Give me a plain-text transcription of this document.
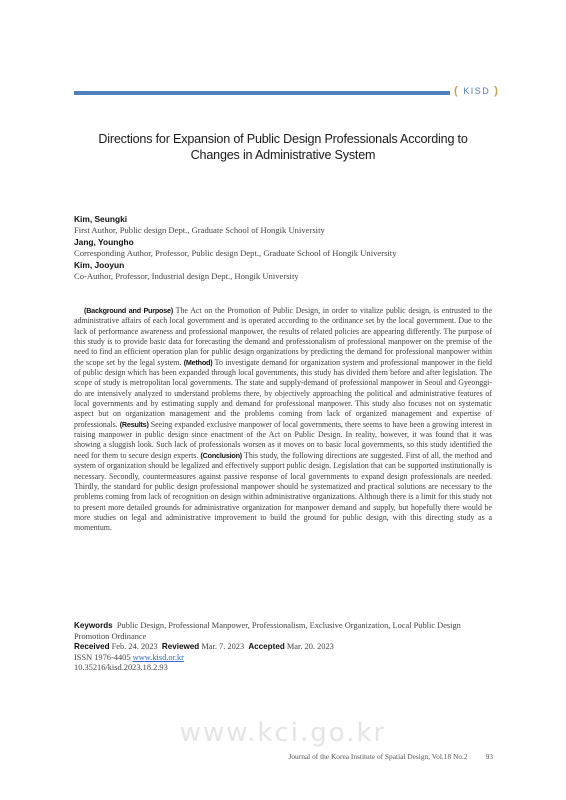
( KISD )
Directions for Expansion of Public Design Professionals According to Changes in Administrative System
Kim, Seungki
First Author, Public design Dept., Graduate School of Hongik University
Jang, Youngho
Corresponding Author, Professor, Public design Dept., Graduate School of Hongik University
Kim, Jooyun
Co-Author, Professor, Industrial design Dept., Hongik University
(Background and Purpose) The Act on the Promotion of Public Design, in order to vitalize public design, is entrusted to the administrative affairs of each local government and is operated according to the ordinance set by the local government. Due to the lack of performance awareness and professional manpower, the results of related policies are appearing differently. The purpose of this study is to provide basic data for forecasting the demand and professionalism of professional manpower on the premise of the need to find an efficient operation plan for public design organizations by predicting the demand for professional manpower within the scope set by the legal system. (Method) To investigate demand for organization system and professional manpower in the field of public design which has been expanded through local governments, this study has divided them before and after legislation. The scope of study is metropolitan local governments. The state and supply-demand of professional manpower in Seoul and Gyeonggi-do are intensively analyzed to understand problems there, by objectively approaching the political and administrative features of local governments and by estimating supply and demand for professional manpower. This study also focuses not on systematic aspect but on organization management and the problems coming from lack of organized management and expertise of professionals. (Results) Seeing expanded exclusive manpower of local governments, there seems to have been a growing interest in raising manpower in public design since enactment of the Act on Public Design. In reality, however, it was found that it was showing a sluggish look. Such lack of professionals worsen as it moves on to basic local governments, so this study identified the need for them to secure design experts. (Conclusion) This study, the following directions are suggested. First of all, the method and system of organization should be legalized and effectively support public design. Legislation that can be supported institutionally is necessary. Secondly, countermeasures against passive response of local governments to expand design professionals are needed. Thirdly, the standard for public design professional manpower should be systematized and practical solutions are necessary to the problems coming from lack of recognition on design within administrative organizations. Although there is a limit for this study not to present more detailed grounds for administrative organization for manpower demand and supply, but hopefully there would be more studies on legal and administrative improvement to build the ground for public design, with this directing study as a momentum.
Keywords Public Design, Professional Manpower, Professionalism, Exclusive Organization, Local Public Design Promotion Ordinance
Received Feb. 24. 2023 Reviewed Mar. 7. 2023 Accepted Mar. 20. 2023
ISSN 1976-4405 www.kisd.or.kr
10.35216/kisd.2023.18.2.93
www.kci.go.kr
Journal of the Korea Institute of Spatial Design, Vol.18 No.2 93
